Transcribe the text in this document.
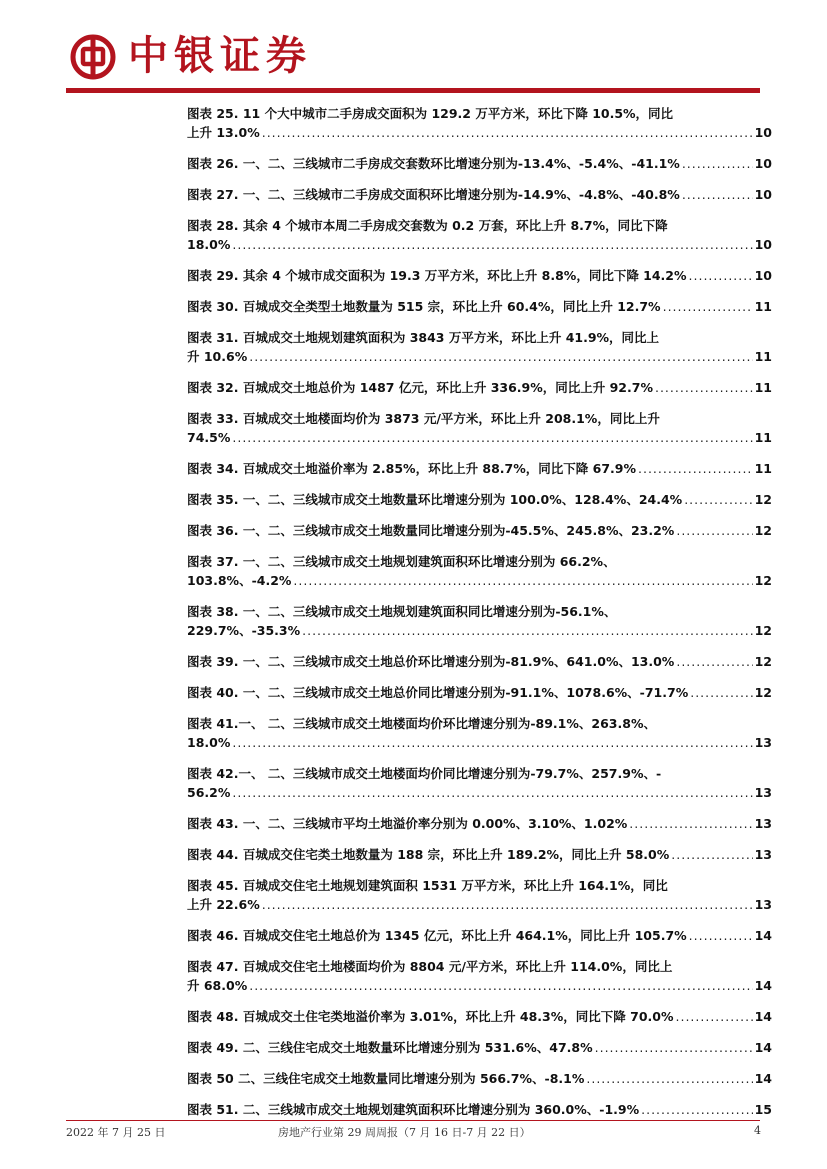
中银证券
图表 25. 11 个大中城市二手房成交面积为 129.2 万平方米，环比下降 10.5%，同比
上升 13.0% .....	10
图表 26. 一、二、三线城市二手房成交套数环比增速分别为-13.4%、-5.4%、-41.1% .....	10
图表 27. 一、二、三线城市二手房成交面积环比增速分别为-14.9%、-4.8%、-40.8% .....	10
图表 28. 其余 4 个城市本周二手房成交套数为 0.2 万套，环比上升 8.7%，同比下降
18.0% .....	10
图表 29. 其余 4 个城市成交面积为 19.3 万平方米，环比上升 8.8%，同比下降 14.2% .....	10
图表 30. 百城成交全类型土地数量为 515 宗，环比上升 60.4%，同比上升 12.7% .....	11
图表 31. 百城成交土地规划建筑面积为 3843 万平方米，环比上升 41.9%，同比上
升 10.6% .....	11
图表 32. 百城成交土地总价为 1487 亿元，环比上升 336.9%，同比上升 92.7% .....	11
图表 33. 百城成交土地楼面均价为 3873 元/平方米，环比上升 208.1%，同比上升
74.5% .....	11
图表 34. 百城成交土地溢价率为 2.85%，环比上升 88.7%，同比下降 67.9% .....	11
图表 35. 一、二、三线城市成交土地数量环比增速分别为 100.0%、128.4%、24.4% .....	12
图表 36. 一、二、三线城市成交土地数量同比增速分别为-45.5%、245.8%、23.2% .....	12
图表 37. 一、二、三线城市成交土地规划建筑面积环比增速分别为 66.2%、
103.8%、-4.2% .....	12
图表 38. 一、二、三线城市成交土地规划建筑面积同比增速分别为-56.1%、
229.7%、-35.3% .....	12
图表 39. 一、二、三线城市成交土地总价环比增速分别为-81.9%、641.0%、13.0% .....	12
图表 40. 一、二、三线城市成交土地总价同比增速分别为-91.1%、1078.6%、-71.7% .....	12
图表 41.一、 二、三线城市成交土地楼面均价环比增速分别为-89.1%、263.8%、
18.0% .....	13
图表 42.一、 二、三线城市成交土地楼面均价同比增速分别为-79.7%、257.9%、-
56.2% .....	13
图表 43. 一、二、三线城市平均土地溢价率分别为 0.00%、3.10%、1.02% .....	13
图表 44. 百城成交住宅类土地数量为 188 宗，环比上升 189.2%，同比上升 58.0% .....	13
图表 45. 百城成交住宅土地规划建筑面积 1531 万平方米，环比上升 164.1%，同比
上升 22.6% .....	13
图表 46. 百城成交住宅土地总价为 1345 亿元，环比上升 464.1%，同比上升 105.7% .....	14
图表 47. 百城成交住宅土地楼面均价为 8804 元/平方米，环比上升 114.0%，同比上
升 68.0% .....	14
图表 48. 百城成交土住宅类地溢价率为 3.01%，环比上升 48.3%，同比下降 70.0% .....	14
图表 49. 二、三线住宅成交土地数量环比增速分别为 531.6%、47.8% .....	14
图表 50 二、三线住宅成交土地数量同比增速分别为 566.7%、-8.1% .....	14
图表 51. 二、三线城市成交土地规划建筑面积环比增速分别为 360.0%、-1.9% .....	15
2022 年 7 月 25 日	房地产行业第 29 周周报（7 月 16 日-7 月 22 日）	4
